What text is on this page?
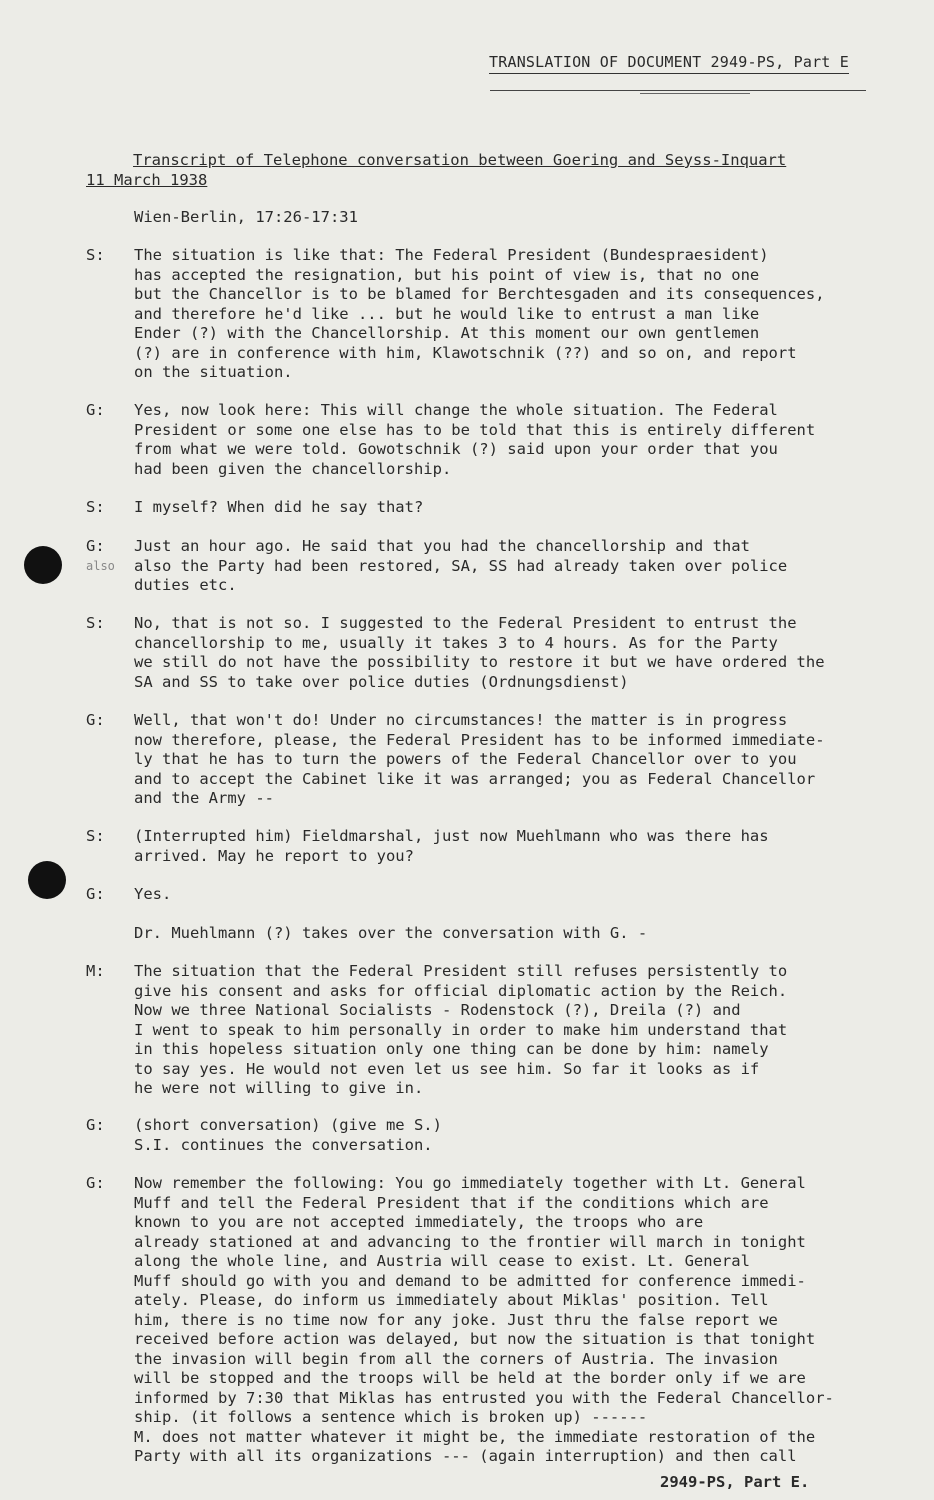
TRANSLATION OF DOCUMENT 2949-PS, Part E
Transcript of Telephone conversation between Goering and Seyss-Inquart
11 March 1938
Wien-Berlin, 17:26-17:31
S:	The situation is like that: The Federal President (Bundespraesident)
has accepted the resignation, but his point of view is, that no one
but the Chancellor is to be blamed for Berchtesgaden and its consequences,
and therefore he'd like ... but he would like to entrust a man like
Ender (?) with the Chancellorship. At this moment our own gentlemen
(?) are in conference with him, Klawotschnik (??) and so on, and report
on the situation.
G:	Yes, now look here: This will change the whole situation. The Federal
President or some one else has to be told that this is entirely different
from what we were told. Gowotschnik (?) said upon your order that you
had been given the chancellorship.
S:	I myself? When did he say that?
G:	Just an hour ago. He said that you had the chancellorship and that
also the Party had been restored, SA, SS had already taken over police
duties etc.
S:	No, that is not so. I suggested to the Federal President to entrust the
chancellorship to me, usually it takes 3 to 4 hours. As for the Party
we still do not have the possibility to restore it but we have ordered the
SA and SS to take over police duties (Ordnungsdienst)
G:	Well, that won't do! Under no circumstances! the matter is in progress
now therefore, please, the Federal President has to be informed immediate-
ly that he has to turn the powers of the Federal Chancellor over to you
and to accept the Cabinet like it was arranged; you as Federal Chancellor
and the Army --
S:	(Interrupted him) Fieldmarshal, just now Muehlmann who was there has
arrived. May he report to you?
G:	Yes.
Dr. Muehlmann (?) takes over the conversation with G. -
M:	The situation that the Federal President still refuses persistently to
give his consent and asks for official diplomatic action by the Reich.
Now we three National Socialists - Rodenstock (?), Dreila (?) and
I went to speak to him personally in order to make him understand that
in this hopeless situation only one thing can be done by him: namely
to say yes. He would not even let us see him. So far it looks as if
he were not willing to give in.
G:	(short conversation) (give me S.)
S.I. continues the conversation.
G:	Now remember the following: You go immediately together with Lt. General
Muff and tell the Federal President that if the conditions which are
known to you are not accepted immediately, the troops who are
already stationed at and advancing to the frontier will march in tonight
along the whole line, and Austria will cease to exist. Lt. General
Muff should go with you and demand to be admitted for conference immedi-
ately. Please, do inform us immediately about Miklas' position. Tell
him, there is no time now for any joke. Just thru the false report we
received before action was delayed, but now the situation is that tonight
the invasion will begin from all the corners of Austria. The invasion
will be stopped and the troops will be held at the border only if we are
informed by 7:30 that Miklas has entrusted you with the Federal Chancellor-
ship. (it follows a sentence which is broken up) ------
M. does not matter whatever it might be, the immediate restoration of the
Party with all its organizations --- (again interruption) and then call
also
2949-PS, Part E.
